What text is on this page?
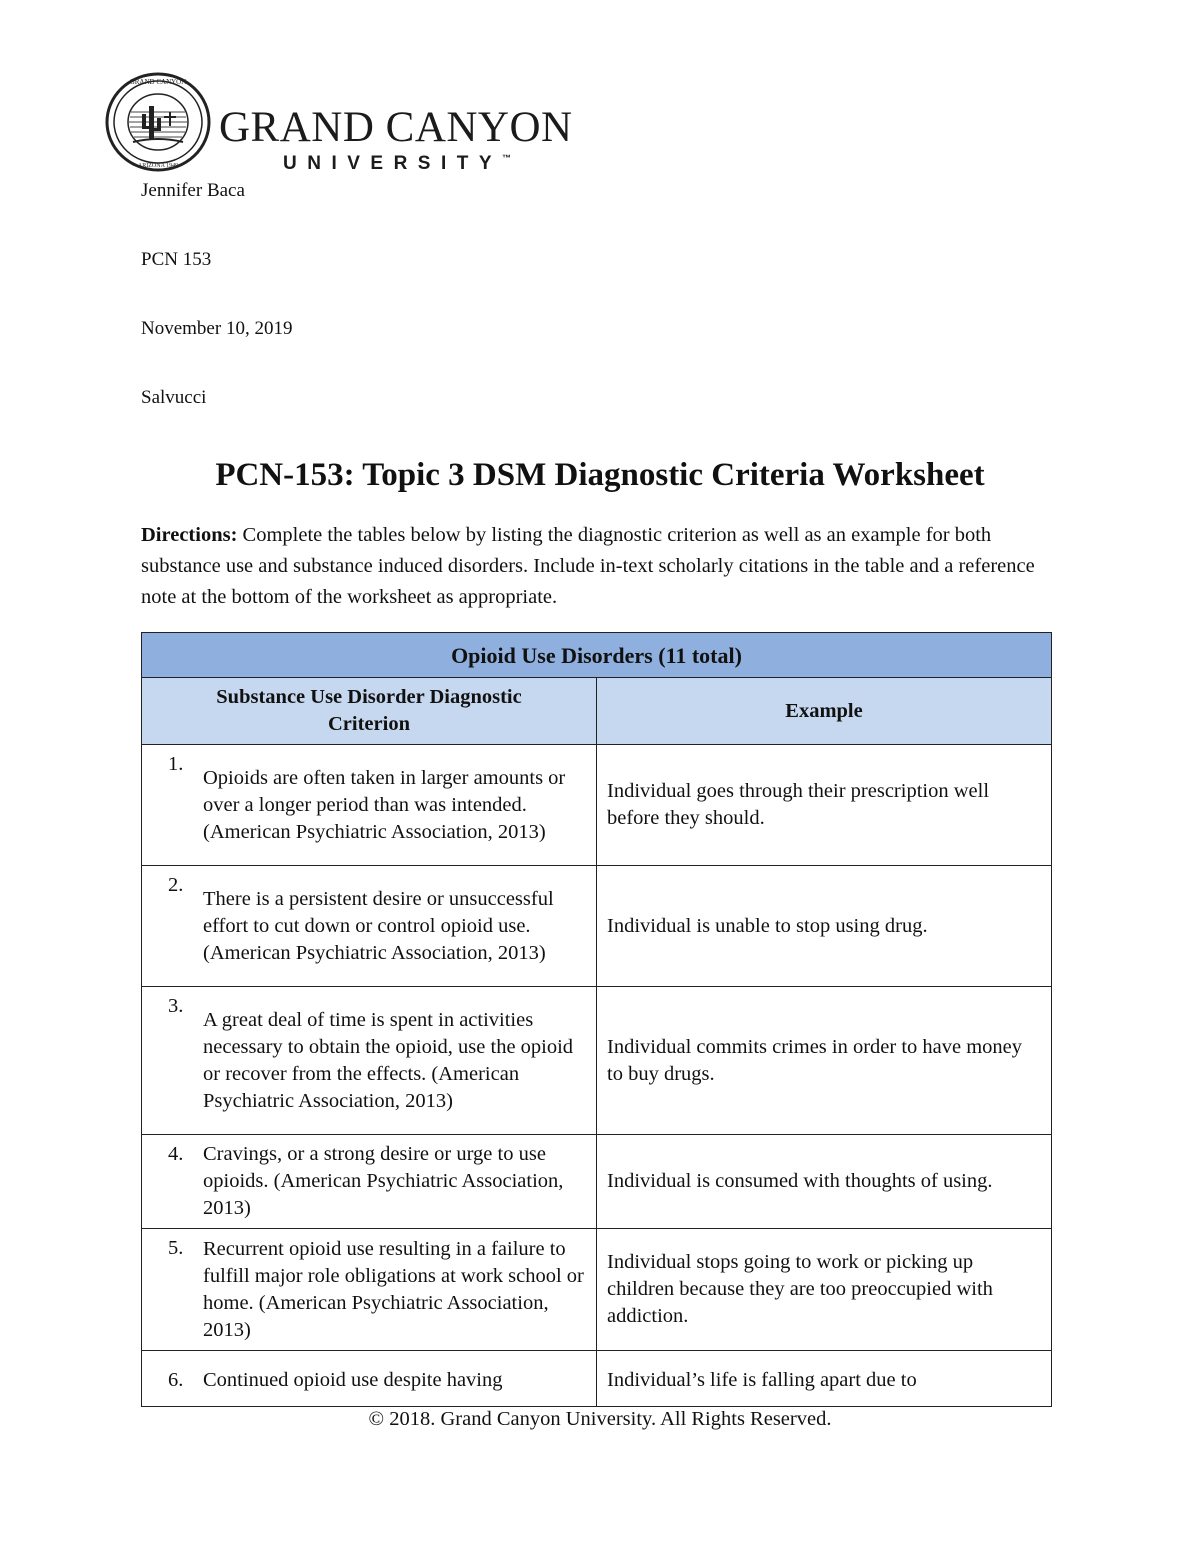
GRAND CANYON
ARIZONA 1949
GRAND CANYON
UNIVERSITY™
Jennifer Baca
PCN 153
November 10, 2019
Salvucci
PCN-153: Topic 3 DSM Diagnostic Criteria Worksheet
Directions: Complete the tables below by listing the diagnostic criterion as well as an example for both substance use and substance induced disorders. Include in-text scholarly citations in the table and a reference note at the bottom of the worksheet as appropriate.
Opioid Use Disorders (11 total)	
Substance Use Disorder Diagnostic Criterion	Example

1.
Opioids are often taken in larger amounts or over a longer period than was intended. (American Psychiatric Association, 2013)	Individual goes through their prescription well before they should.

2.
There is a persistent desire or unsuccessful effort to cut down or control opioid use. (American Psychiatric Association, 2013)	Individual is unable to stop using drug.

3.
A great deal of time is spent in activities necessary to obtain the opioid, use the opioid or recover from the effects. (American Psychiatric Association, 2013)	Individual commits crimes in order to have money to buy drugs.

4. Cravings, or a strong desire or urge to use opioids. (American Psychiatric Association, 2013)	Individual is consumed with thoughts of using.

5. Recurrent opioid use resulting in a failure to fulfill major role obligations at work school or home. (American Psychiatric Association, 2013)	Individual stops going to work or picking up children because they are too preoccupied with addiction.

6. Continued opioid use despite having	Individual’s life is falling apart due to
© 2018. Grand Canyon University. All Rights Reserved.
